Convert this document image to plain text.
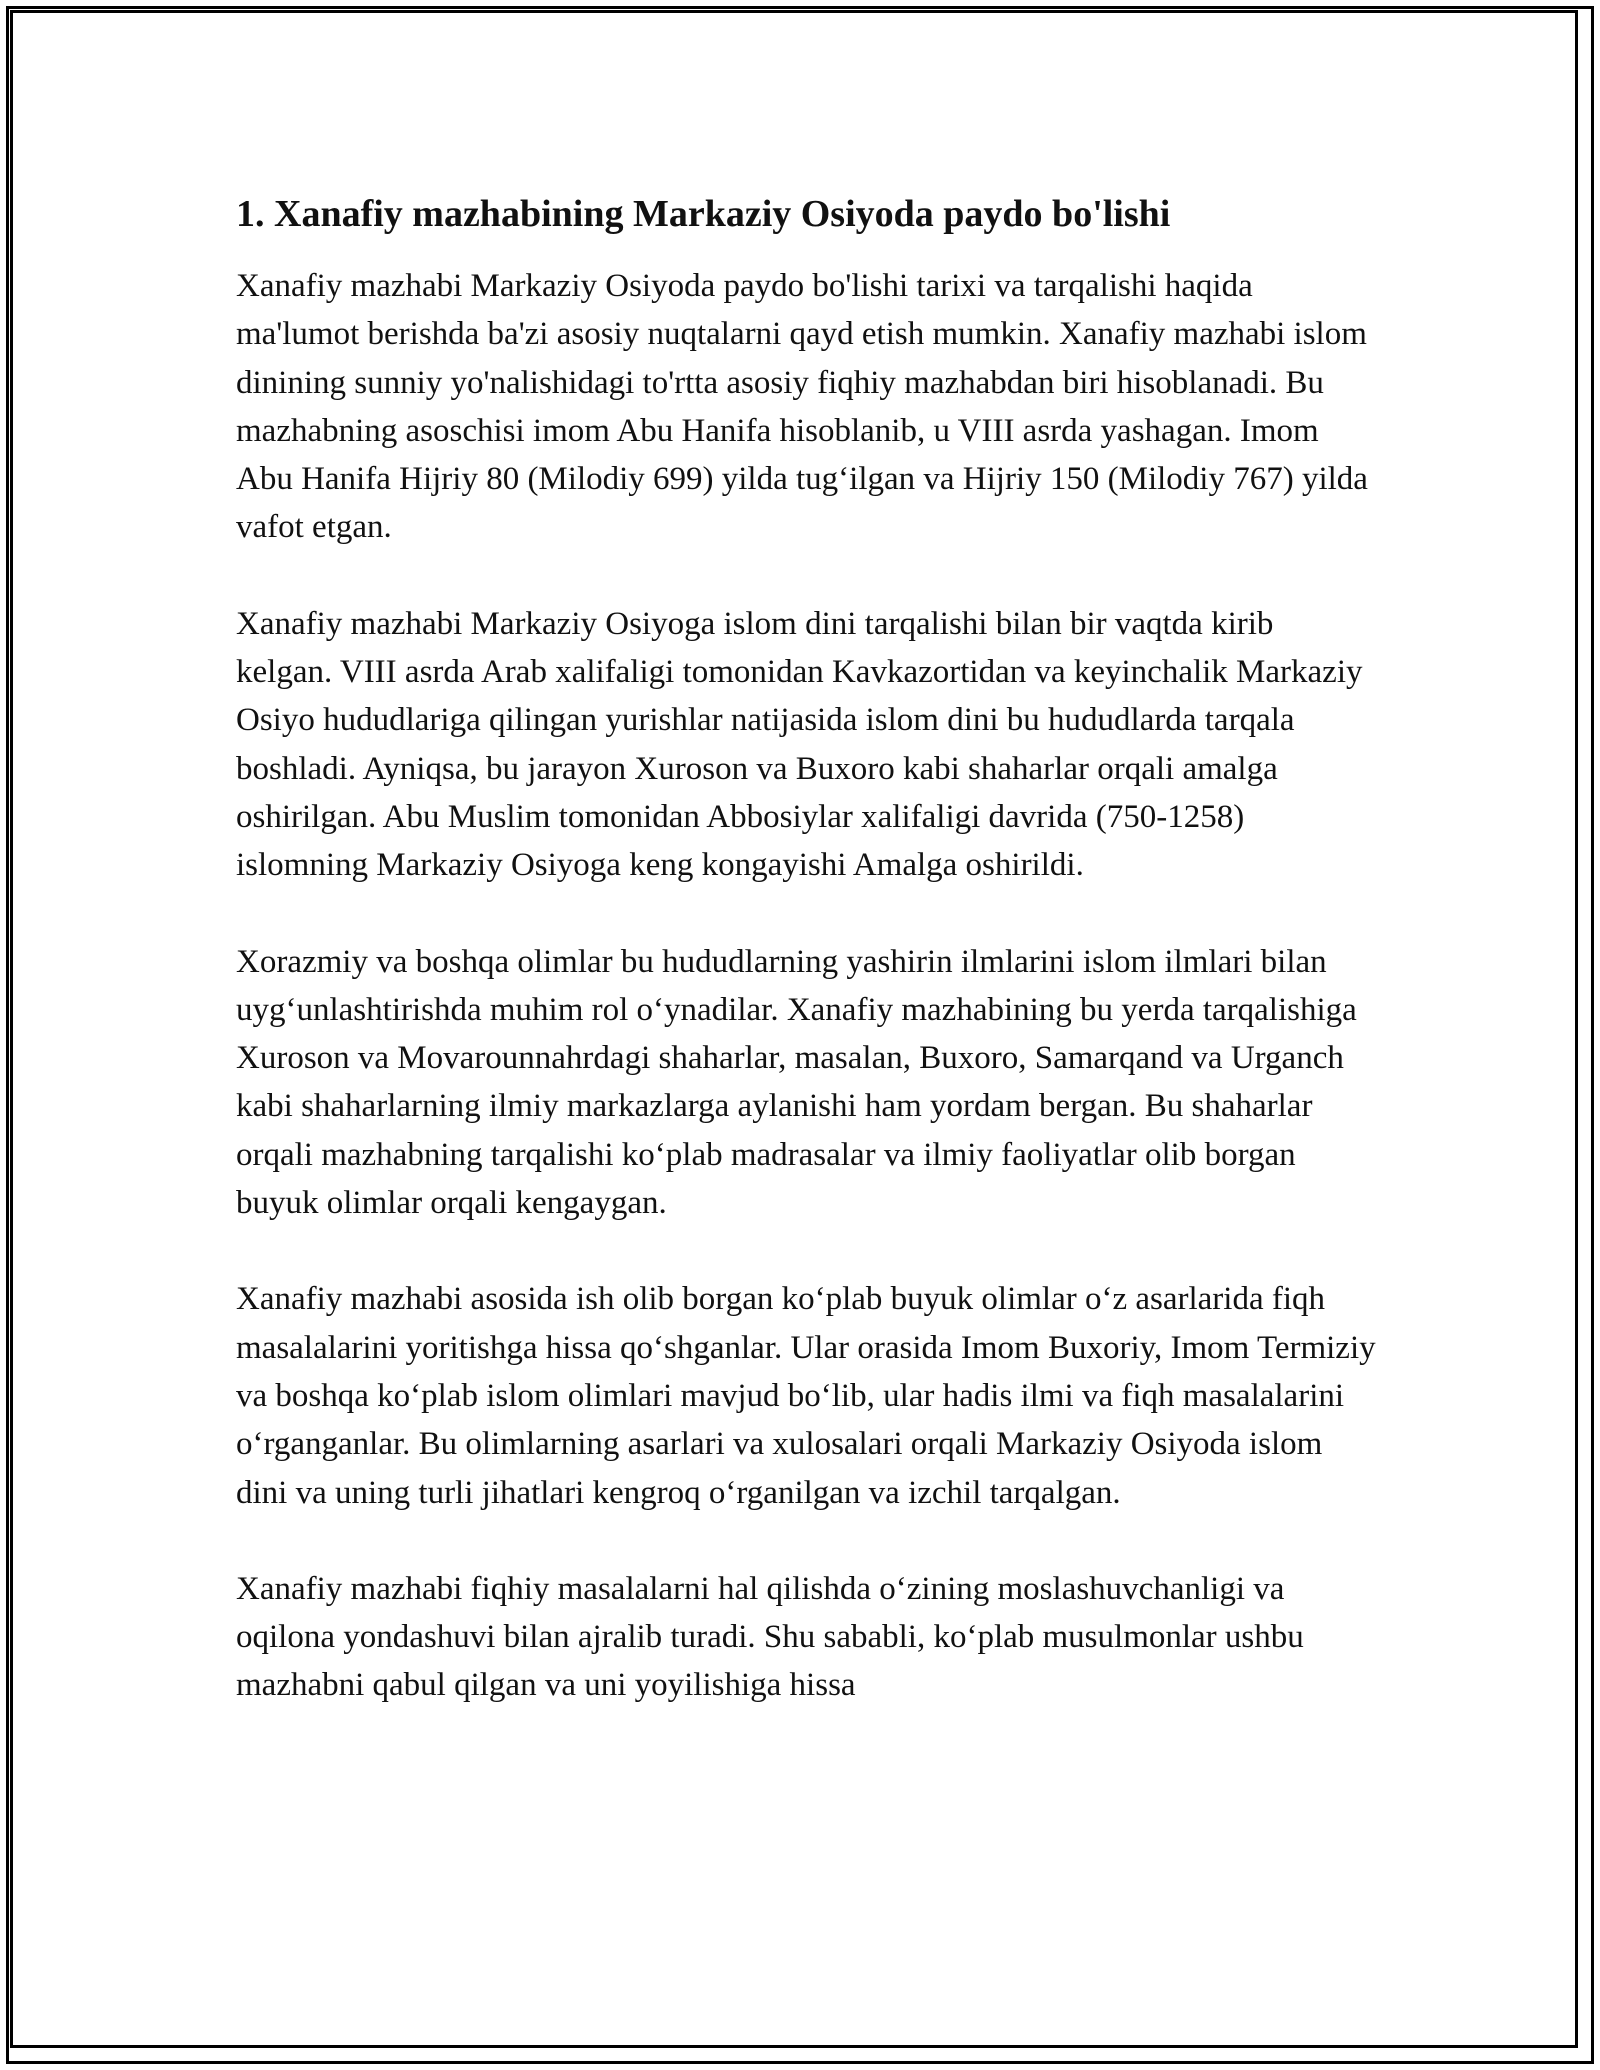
1. Xanafiy mazhabining Markaziy Osiyoda paydo bo'lishi

Xanafiy mazhabi Markaziy Osiyoda paydo bo'lishi tarixi va tarqalishi haqida ma'lumot berishda ba'zi asosiy nuqtalarni qayd etish mumkin. Xanafiy mazhabi islom dinining sunniy yo'nalishidagi to'rtta asosiy fiqhiy mazhabdan biri hisoblanadi. Bu mazhabning asoschisi imom Abu Hanifa hisoblanib, u VIII asrda yashagan. Imom Abu Hanifa Hijriy 80 (Milodiy 699) yilda tug‘ilgan va Hijriy 150 (Milodiy 767) yilda vafot etgan.

Xanafiy mazhabi Markaziy Osiyoga islom dini tarqalishi bilan bir vaqtda kirib kelgan. VIII asrda Arab xalifaligi tomonidan Kavkazortidan va keyinchalik Markaziy Osiyo hududlariga qilingan yurishlar natijasida islom dini bu hududlarda tarqala boshladi. Ayniqsa, bu jarayon Xuroson va Buxoro kabi shaharlar orqali amalga oshirilgan. Abu Muslim tomonidan Abbosiylar xalifaligi davrida (750-1258) islomning Markaziy Osiyoga keng kongayishi Amalga oshirildi.

Xorazmiy va boshqa olimlar bu hududlarning yashirin ilmlarini islom ilmlari bilan uyg‘unlashtirishda muhim rol o‘ynadilar. Xanafiy mazhabining bu yerda tarqalishiga Xuroson va Movarounnahrdagi shaharlar, masalan, Buxoro, Samarqand va Urganch kabi shaharlarning ilmiy markazlarga aylanishi ham yordam bergan. Bu shaharlar orqali mazhabning tarqalishi ko‘plab madrasalar va ilmiy faoliyatlar olib borgan buyuk olimlar orqali kengaygan.

Xanafiy mazhabi asosida ish olib borgan ko‘plab buyuk olimlar o‘z asarlarida fiqh masalalarini yoritishga hissa qo‘shganlar. Ular orasida Imom Buxoriy, Imom Termiziy va boshqa ko‘plab islom olimlari mavjud bo‘lib, ular hadis ilmi va fiqh masalalarini o‘rganganlar. Bu olimlarning asarlari va xulosalari orqali Markaziy Osiyoda islom dini va uning turli jihatlari kengroq o‘rganilgan va izchil tarqalgan.

Xanafiy mazhabi fiqhiy masalalarni hal qilishda o‘zining moslashuvchanligi va oqilona yondashuvi bilan ajralib turadi. Shu sababli, ko‘plab musulmonlar ushbu mazhabni qabul qilgan va uni yoyilishiga hissa
